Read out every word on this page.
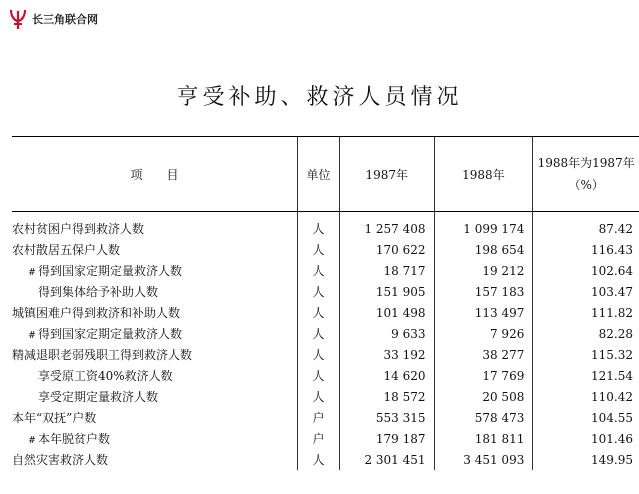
长三角联合网
亨受补助、救济人员情况
项　　目	单位	1987年	1988年	1988年为1987年
（%）

农村贫困户得到救济人数	人	1 257 408	1 099 174	87.42
农村散居五保户人数	人	170 622	198 654	116.43
# 得到国家定期定量救济人数	人	18 717	19 212	102.64
得到集体给予补助人数	人	151 905	157 183	103.47
城镇困难户得到救济和补助人数	人	101 498	113 497	111.82
# 得到国家定期定量救济人数	人	9 633	7 926	82.28
精减退职老弱残职工得到救济人数	人	33 192	38 277	115.32
享受原工资40%救济人数	人	14 620	17 769	121.54
享受定期定量救济人数	人	18 572	20 508	110.42
本年“双抚”户数	户	553 315	578 473	104.55
# 本年脱贫户数	户	179 187	181 811	101.46
自然灾害救济人数	人	2 301 451	3 451 093	149.95
